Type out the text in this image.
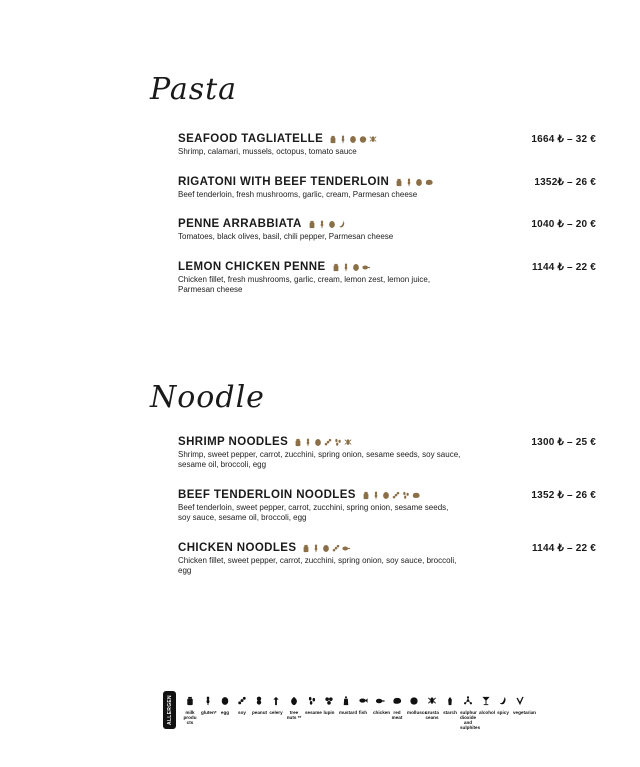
Pasta
SEAFOOD TAGLIATELLE	1664 ₺ – 32 €
Shrimp, calamari, mussels, octopus, tomato sauce
RIGATONI WITH BEEF TENDERLOIN	1352₺ – 26 €
Beef tenderloin, fresh mushrooms, garlic, cream, Parmesan cheese
PENNE ARRABBIATA	1040 ₺ – 20 €
Tomatoes, black olives, basil, chili pepper, Parmesan cheese
LEMON CHICKEN PENNE	1144 ₺ – 22 €
Chicken fillet, fresh mushrooms, garlic, cream, lemon zest, lemon juice, Parmesan cheese
Noodle
SHRIMP NOODLES	1300 ₺ – 25 €
Shrimp, sweet pepper, carrot, zucchini, spring onion, sesame seeds, soy sauce, sesame oil, broccoli, egg
BEEF TENDERLOIN NOODLES	1352 ₺ – 26 €
Beef tenderloin, sweet pepper, carrot, zucchini, spring onion, sesame seeds, soy sauce, sesame oil, broccoli, egg
CHICKEN NOODLES	1144 ₺ – 22 €
Chicken fillet, sweet pepper, carrot, zucchini, spring onion, soy sauce, broccoli, egg
ALLERGEN	milk produ cts
gluten* egg	soy	peanut celery	tree nuts **
sesame lupin mustard fish	chicken red meat
molluscs
crusta ceans
starch sulphur dioxide and sulphites
alcohol spicy vegetarian
